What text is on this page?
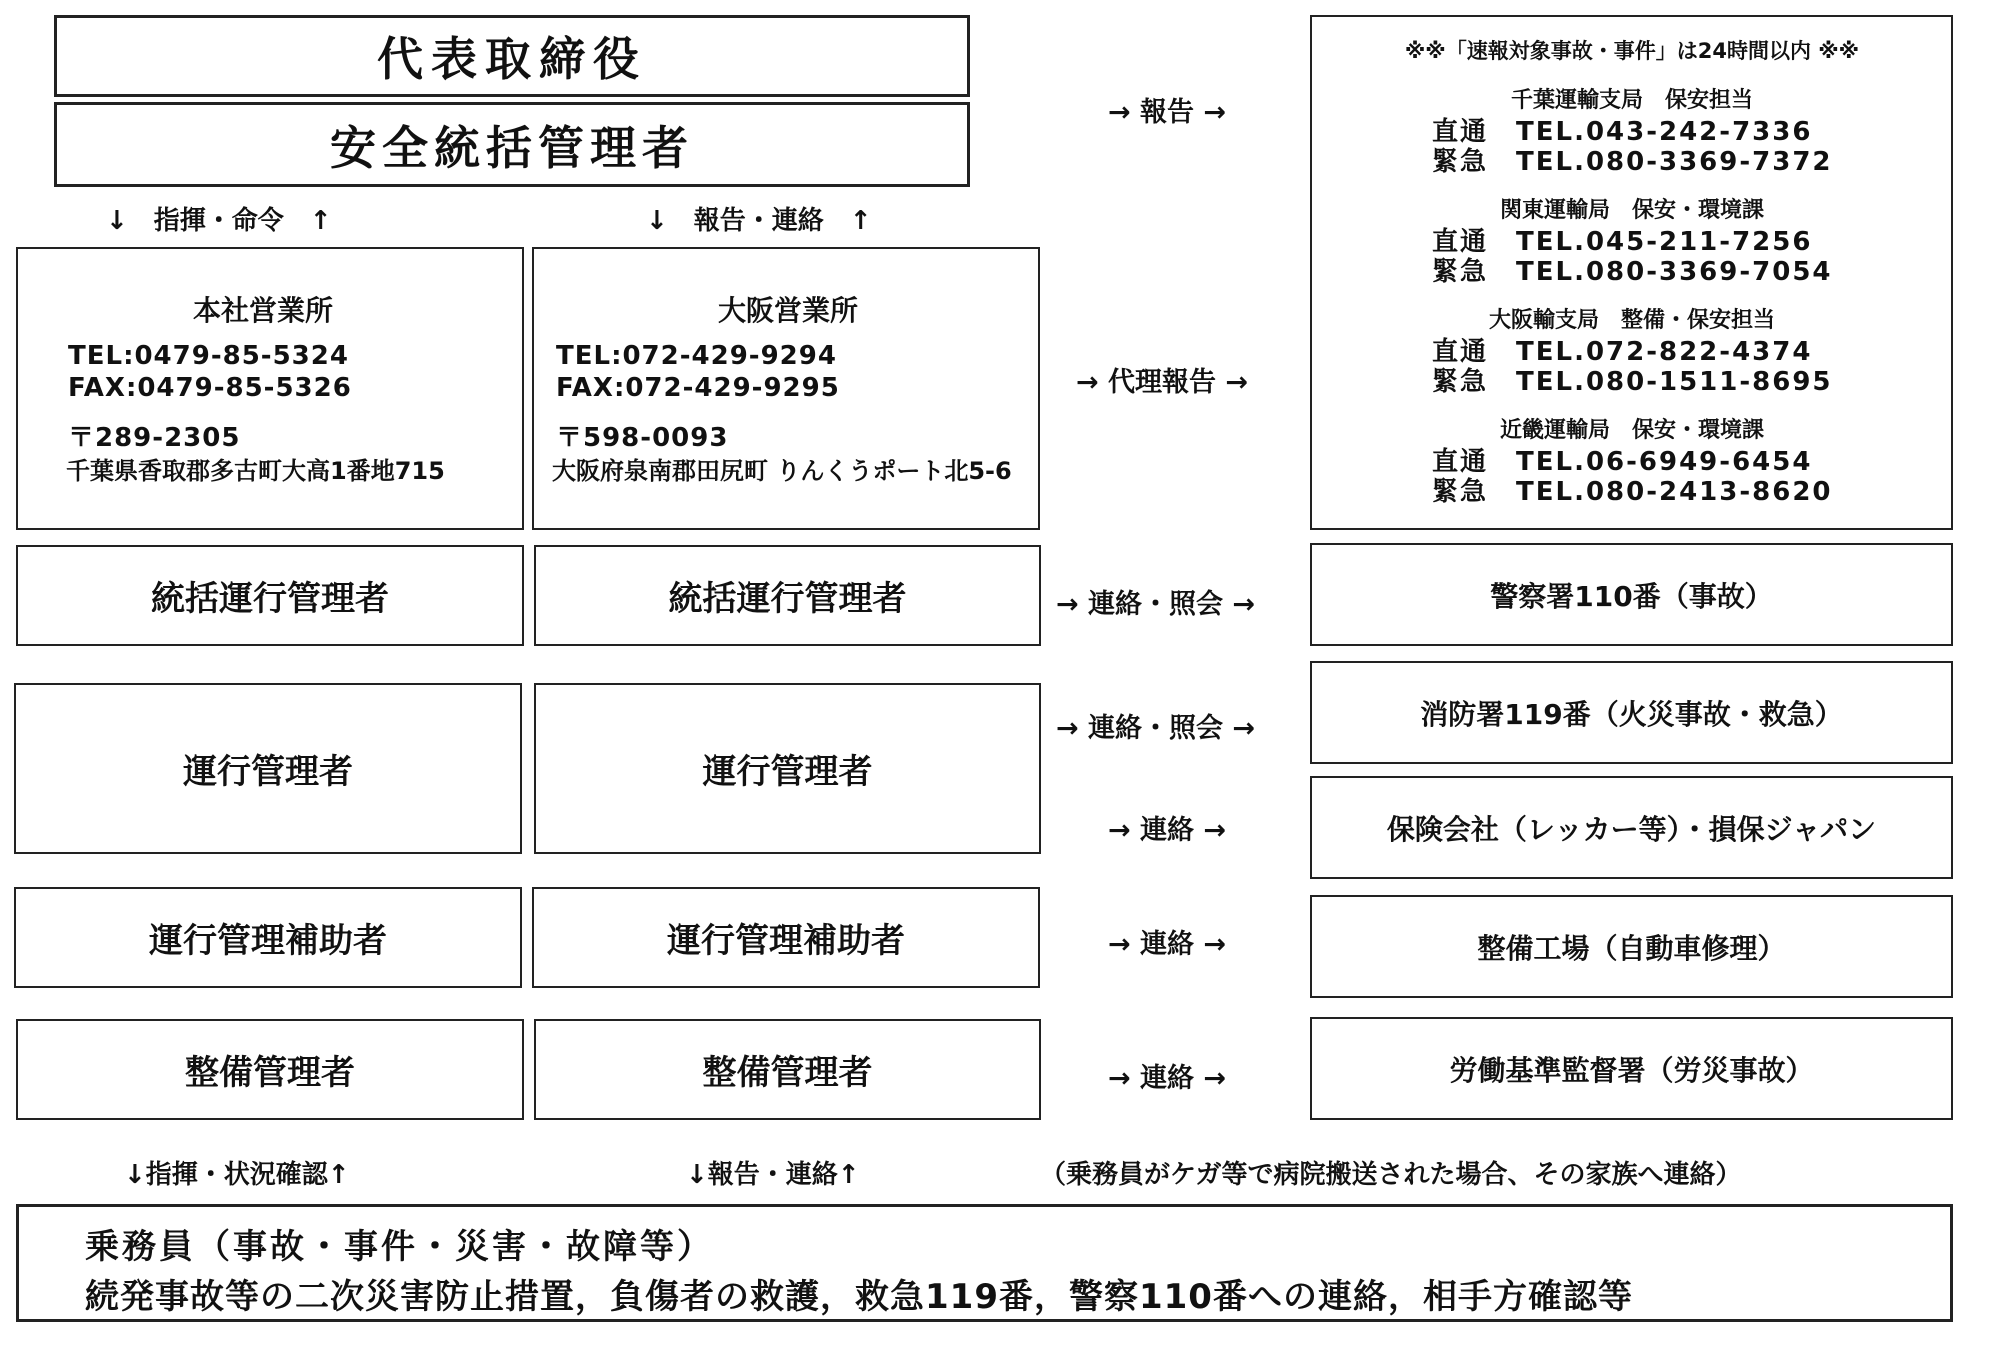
代表取締役
安全統括管理者
↓　指揮・命令　↑	↓　報告・連絡　↑
本社営業所
TEL:0479-85-5324
FAX:0479-85-5326
〒289-2305
千葉県香取郡多古町大高1番地715
大阪営業所
TEL:072-429-9294
FAX:072-429-9295
〒598-0093
大阪府泉南郡田尻町 りんくうポート北5-6
※※「速報対象事故・事件」は24時間以内 ※※
千葉運輸支局　保安担当
直通　TEL.043-242-7336
緊急　TEL.080-3369-7372
関東運輸局　保安・環境課
直通　TEL.045-211-7256
緊急　TEL.080-3369-7054
大阪輸支局　整備・保安担当
直通　TEL.072-822-4374
緊急　TEL.080-1511-8695
近畿運輸局　保安・環境課
直通　TEL.06-6949-6454
緊急　TEL.080-2413-8620
→ 報告 →
→ 代理報告 →
統括運行管理者	統括運行管理者	→ 連絡・照会 →	警察署110番（事故）
運行管理者	運行管理者
→ 連絡・照会 →	消防署119番（火災事故・救急）
→ 連絡 →	保険会社（レッカー等）・損保ジャパン
運行管理補助者	運行管理補助者	→ 連絡 →	整備工場（自動車修理）
整備管理者	整備管理者	→ 連絡 →	労働基準監督署（労災事故）
↓指揮・状況確認↑	↓報告・連絡↑	（乗務員がケガ等で病院搬送された場合、その家族へ連絡）
乗務員（事故・事件・災害・故障等）
続発事故等の二次災害防止措置，負傷者の救護，救急119番，警察110番への連絡，相手方確認等
